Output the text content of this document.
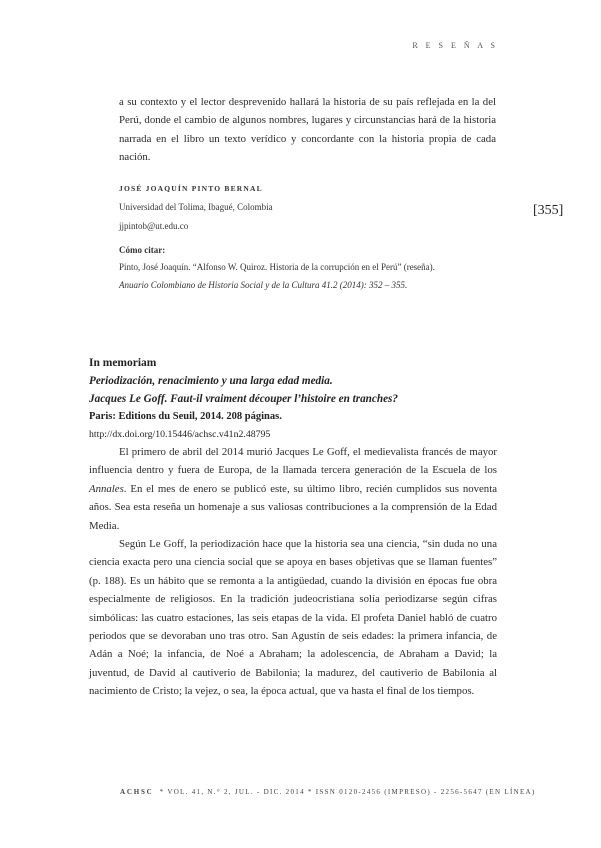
R E S E Ñ A S
a su contexto y el lector desprevenido hallará la historia de su país reflejada en la del Perú, donde el cambio de algunos nombres, lugares y circunstancias hará de la historia narrada en el libro un texto verídico y concordante con la historia propia de cada nación.
JOSÉ JOAQUÍN PINTO BERNAL
Universidad del Tolima, Ibagué, Colombia
jjpintob@ut.edu.co
Cómo citar:
Pinto, José Joaquín. “Alfonso W. Quiroz. Historia de la corrupción en el Perú” (reseña).
Anuario Colombiano de Historia Social y de la Cultura 41.2 (2014): 352 – 355.
[355]
In memoriam
Periodización, renacimiento y una larga edad media.
Jacques Le Goff. Faut-il vraiment découper l’histoire en tranches?
Paris: Editions du Seuil, 2014. 208 páginas.
http://dx.doi.org/10.15446/achsc.v41n2.48795

El primero de abril del 2014 murió Jacques Le Goff, el medievalista francés de mayor influencia dentro y fuera de Europa, de la llamada tercera generación de la Escuela de los Annales. En el mes de enero se publicó este, su último libro, recién cumplidos sus noventa años. Sea esta reseña un homenaje a sus valiosas contribuciones a la comprensión de la Edad Media.

Según Le Goff, la periodización hace que la historia sea una ciencia, “sin duda no una ciencia exacta pero una ciencia social que se apoya en bases objetivas que se llaman fuentes” (p. 188). Es un hábito que se remonta a la antigüedad, cuando la división en épocas fue obra especialmente de religiosos. En la tradición judeocristiana solía periodizarse según cifras simbólicas: las cuatro estaciones, las seis etapas de la vida. El profeta Daniel habló de cuatro periodos que se devoraban uno tras otro. San Agustín de seis edades: la primera infancia, de Adán a Noé; la infancia, de Noé a Abraham; la adolescencia, de Abraham a David; la juventud, de David al cautiverio de Babilonia; la madurez, del cautiverio de Babilonia al nacimiento de Cristo; la vejez, o sea, la época actual, que va hasta el final de los tiempos.

ACHSC * VOL. 41, N.° 2, JUL. - DIC. 2014 * ISSN 0120-2456 (IMPRESO) - 2256-5647 (EN LÍNEA)
